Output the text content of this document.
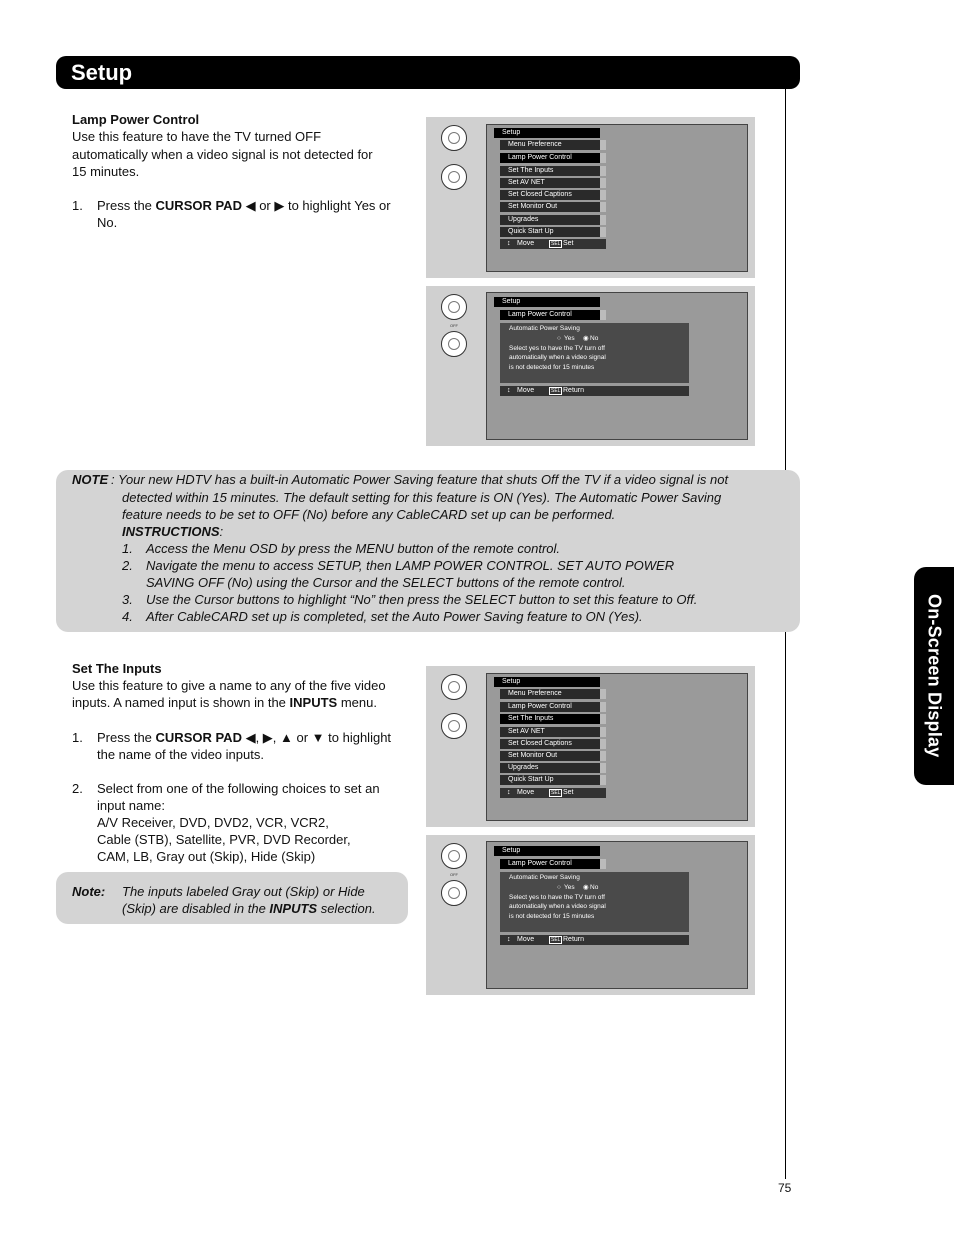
Setup
On-Screen Display
75
Lamp Power Control
Use this feature to have the TV turned OFF
automatically when a video signal is not detected for
15 minutes.
1. Press the CURSOR PAD ◀ or ▶ to highlight Yes or
No.
Setup
Menu Preference
Lamp Power Control
Set The Inputs
Set AV NET
Set Closed Captions
Set Monitor Out
Upgrades
Quick Start Up
↕ Move	SEL Set
OFF
Setup
Lamp Power Control
Automatic Power Saving
○ Yes ◉ No
Select yes to have the TV turn off
automatically when a video signal
is not detected for 15 minutes
↕ Move	SEL Return
NOTE : Your new HDTV has a built-in Automatic Power Saving feature that shuts Off the TV if a video signal is not
detected within 15 minutes. The default setting for this feature is ON (Yes). The Automatic Power Saving
feature needs to be set to OFF (No) before any CableCARD set up can be performed.
INSTRUCTIONS:
1. Access the Menu OSD by press the MENU button of the remote control.
2. Navigate the menu to access SETUP, then LAMP POWER CONTROL. SET AUTO POWER
SAVING OFF (No) using the Cursor and the SELECT buttons of the remote control.
3. Use the Cursor buttons to highlight “No” then press the SELECT button to set this feature to Off.
4. After CableCARD set up is completed, set the Auto Power Saving feature to ON (Yes).
Set The Inputs
Use this feature to give a name to any of the five video
inputs. A named input is shown in the INPUTS menu.
1. Press the CURSOR PAD ◀, ▶, ▲ or ▼ to highlight
the name of the video inputs.
2. Select from one of the following choices to set an
input name:
A/V Receiver, DVD, DVD2, VCR, VCR2,
Cable (STB), Satellite, PVR, DVD Recorder,
CAM, LB, Gray out (Skip), Hide (Skip)
Note: The inputs labeled Gray out (Skip) or Hide
(Skip) are disabled in the INPUTS selection.
Setup
Menu Preference
Lamp Power Control
Set The Inputs
Set AV NET
Set Closed Captions
Set Monitor Out
Upgrades
Quick Start Up
↕ Move	SEL Set
OFF
Setup
Lamp Power Control
Automatic Power Saving
○ Yes ◉ No
Select yes to have the TV turn off
automatically when a video signal
is not detected for 15 minutes
↕ Move	SEL Return
